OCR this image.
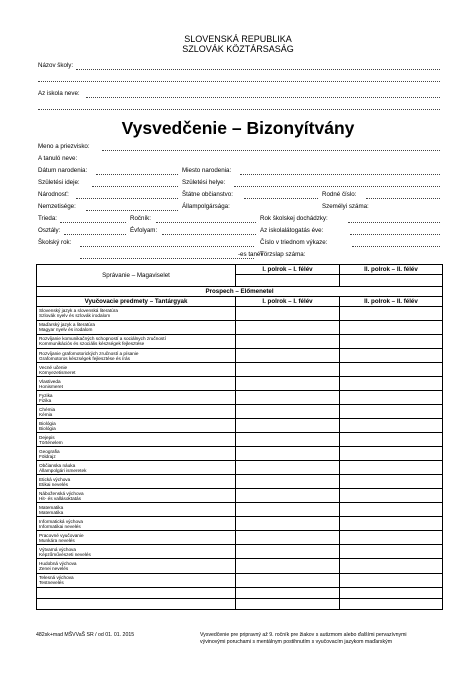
SLOVENSKÁ REPUBLIKA
SZLOVÁK KÖZTÁRSASÁG
Názov školy:
Az iskola neve:
Vysvedčenie – Bizonyítvány
Meno a priezvisko:
A tanuló neve:
Dátum narodenia:	Miesto narodenia:
Születési ideje:	Születési helye:
Národnosť:	Štátne občianstvo:	Rodné číslo:
Nemzetisége:	Állampolgársága:	Személyi száma:
Trieda:	Ročník:	Rok školskej dochádzky:
Osztály:	Évfolyam:	Az iskolalátogatás éve:
Školský rok:	Číslo v triednom výkaze:
-es tanév
Törzslap száma:
Správanie – Magaviselet	I. polrok – I. félév	II. polrok – II. félév

Prospech – Előmenetel		
Vyučovacie predmety – Tantárgyak	I. polrok – I. félév	II. polrok – II. félév

Slovenský jazyk a slovenská literatúra
Szlovák nyelv és szlovák irodalom		

Maďarský jazyk a literatúra
Magyar nyelv és irodalom		

Rozvíjanie komunikačných schopností a sociálnych zručností
Kommunikációs és szociális készségek fejlesztése		

Rozvíjanie grafomotorických zručností a písanie
Grafomotoros készségek fejlesztése és írás		

Vecné učenie
Környezetismeret		

Vlastiveda
Honismeret		

Fyzika
Fizika		

Chémia
Kémia		

Biológia
Biológia		

Dejepis
Történelem		

Geografia
Földrajz		

Občianska náuka
Állampolgári ismeretek		

Etická výchova
Etikai nevelés		

Náboženská výchova
Hit- és vallásoktatás		

Matematika
Matematika		

Informatická výchova
Informatikai nevelés		

Pracovné vyučovanie
Munkára nevelés		

Výtvarná výchova
Képzőművészeti nevelés		

Hudobná výchova
Zenei nevelés		

Telesná výchova
Testnevelés		

482sk+mad MŠVVaŠ SR / od 01. 01. 2015	Vysvedčenie pre pripravný až 9. ročník pre žiakov s autizmom alebo ďalšími pervazívnymi
vývinovými poruchami s mentálnym postihnutím s vyučovacím jazykom maďarským
